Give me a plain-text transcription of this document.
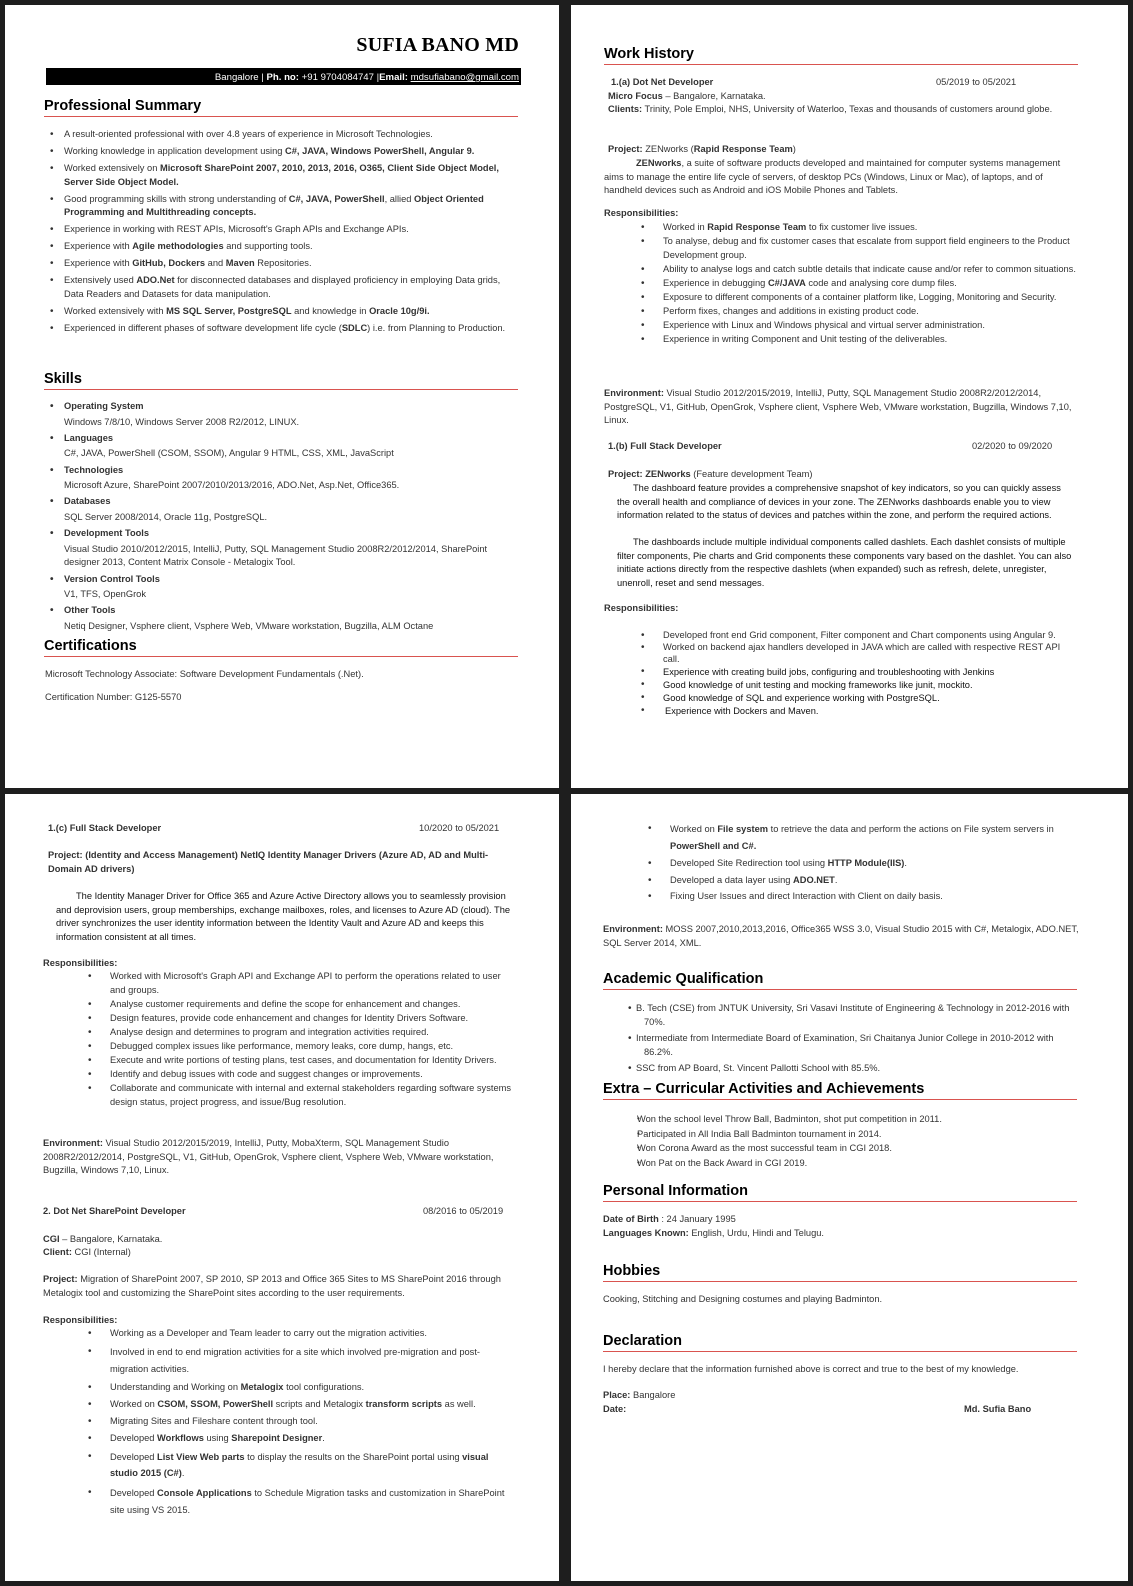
SUFIA BANO MD
Bangalore | Ph. no: +91 9704084747 |Email: mdsufiabano@gmail.com
Professional Summary
• A result-oriented professional with over 4.8 years of experience in Microsoft Technologies.
• Working knowledge in application development using C#, JAVA, Windows PowerShell, Angular 9.
• Worked extensively on Microsoft SharePoint 2007, 2010, 2013, 2016, O365, Client Side Object Model, Server Side Object Model.
• Good programming skills with strong understanding of C#, JAVA, PowerShell, allied Object Oriented Programming and Multithreading concepts.
• Experience in working with REST APIs, Microsoft's Graph APIs and Exchange APIs.
• Experience with Agile methodologies and supporting tools.
• Experience with GitHub, Dockers and Maven Repositories.
• Extensively used ADO.Net for disconnected databases and displayed proficiency in employing Data grids, Data Readers and Datasets for data manipulation.
• Worked extensively with MS SQL Server, PostgreSQL and knowledge in Oracle 10g/9i.
• Experienced in different phases of software development life cycle (SDLC) i.e. from Planning to Production.
Skills
• Operating System
Windows 7/8/10, Windows Server 2008 R2/2012, LINUX.
• Languages
C#, JAVA, PowerShell (CSOM, SSOM), Angular 9 HTML, CSS, XML, JavaScript
• Technologies
Microsoft Azure, SharePoint 2007/2010/2013/2016, ADO.Net, Asp.Net, Office365.
• Databases
SQL Server 2008/2014, Oracle 11g, PostgreSQL.
• Development Tools
Visual Studio 2010/2012/2015, IntelliJ, Putty, SQL Management Studio 2008R2/2012/2014, SharePoint designer 2013, Content Matrix Console - Metalogix Tool.
• Version Control Tools
V1, TFS, OpenGrok
• Other Tools
Netiq Designer, Vsphere client, Vsphere Web, VMware workstation, Bugzilla, ALM Octane
Certifications
Microsoft Technology Associate: Software Development Fundamentals (.Net).
Certification Number: G125-5570
Work History
1.(a) Dot Net Developer	05/2019 to 05/2021
Micro Focus – Bangalore, Karnataka.
Clients: Trinity, Pole Emploi, NHS, University of Waterloo, Texas and thousands of customers around globe.
Project: ZENworks (Rapid Response Team)
ZENworks, a suite of software products developed and maintained for computer systems management aims to manage the entire life cycle of servers, of desktop PCs (Windows, Linux or Mac), of laptops, and of handheld devices such as Android and iOS Mobile Phones and Tablets.
Responsibilities:
• Worked in Rapid Response Team to fix customer live issues.
• To analyse, debug and fix customer cases that escalate from support field engineers to the Product Development group.
• Ability to analyse logs and catch subtle details that indicate cause and/or refer to common situations.
• Experience in debugging C#/JAVA code and analysing core dump files.
• Exposure to different components of a container platform like, Logging, Monitoring and Security.
• Perform fixes, changes and additions in existing product code.
• Experience with Linux and Windows physical and virtual server administration.
• Experience in writing Component and Unit testing of the deliverables.
Environment: Visual Studio 2012/2015/2019, IntelliJ, Putty, SQL Management Studio 2008R2/2012/2014, PostgreSQL, V1, GitHub, OpenGrok, Vsphere client, Vsphere Web, VMware workstation, Bugzilla, Windows 7,10, Linux.
1.(b) Full Stack Developer	02/2020 to 09/2020
Project: ZENworks (Feature development Team)
The dashboard feature provides a comprehensive snapshot of key indicators, so you can quickly assess the overall health and compliance of devices in your zone. The ZENworks dashboards enable you to view information related to the status of devices and patches within the zone, and perform the required actions.
The dashboards include multiple individual components called dashlets. Each dashlet consists of multiple filter components, Pie charts and Grid components these components vary based on the dashlet. You can also initiate actions directly from the respective dashlets (when expanded) such as refresh, delete, unregister, unenroll, reset and send messages.
Responsibilities:
• Developed front end Grid component, Filter component and Chart components using Angular 9.
• Worked on backend ajax handlers developed in JAVA which are called with respective REST API call.
• Experience with creating build jobs, configuring and troubleshooting with Jenkins
• Good knowledge of unit testing and mocking frameworks like junit, mockito.
• Good knowledge of SQL and experience working with PostgreSQL.
• Experience with Dockers and Maven.
1.(c) Full Stack Developer	10/2020 to 05/2021
Project: (Identity and Access Management) NetIQ Identity Manager Drivers (Azure AD, AD and Multi-Domain AD drivers)
The Identity Manager Driver for Office 365 and Azure Active Directory allows you to seamlessly provision and deprovision users, group memberships, exchange mailboxes, roles, and licenses to Azure AD (cloud). The driver synchronizes the user identity information between the Identity Vault and Azure AD and keeps this information consistent at all times.
Responsibilities:
• Worked with Microsoft's Graph API and Exchange API to perform the operations related to user and groups.
• Analyse customer requirements and define the scope for enhancement and changes.
• Design features, provide code enhancement and changes for Identity Drivers Software.
• Analyse design and determines to program and integration activities required.
• Debugged complex issues like performance, memory leaks, core dump, hangs, etc.
• Execute and write portions of testing plans, test cases, and documentation for Identity Drivers.
• Identify and debug issues with code and suggest changes or improvements.
• Collaborate and communicate with internal and external stakeholders regarding software systems design status, project progress, and issue/Bug resolution.
Environment: Visual Studio 2012/2015/2019, IntelliJ, Putty, MobaXterm, SQL Management Studio 2008R2/2012/2014, PostgreSQL, V1, GitHub, OpenGrok, Vsphere client, Vsphere Web, VMware workstation, Bugzilla, Windows 7,10, Linux.
2. Dot Net SharePoint Developer	08/2016 to 05/2019
CGI – Bangalore, Karnataka.
Client: CGI (Internal)
Project: Migration of SharePoint 2007, SP 2010, SP 2013 and Office 365 Sites to MS SharePoint 2016 through Metalogix tool and customizing the SharePoint sites according to the user requirements.
Responsibilities:
• Working as a Developer and Team leader to carry out the migration activities.
• Involved in end to end migration activities for a site which involved pre-migration and post-migration activities.
• Understanding and Working on Metalogix tool configurations.
• Worked on CSOM, SSOM, PowerShell scripts and Metalogix transform scripts as well.
• Migrating Sites and Fileshare content through tool.
• Developed Workflows using Sharepoint Designer.
• Developed List View Web parts to display the results on the SharePoint portal using visual studio 2015 (C#).
• Developed Console Applications to Schedule Migration tasks and customization in SharePoint site using VS 2015.
• Worked on File system to retrieve the data and perform the actions on File system servers in PowerShell and C#.
• Developed Site Redirection tool using HTTP Module(IIS).
• Developed a data layer using ADO.NET.
• Fixing User Issues and direct Interaction with Client on daily basis.
Environment: MOSS 2007,2010,2013,2016, Office365 WSS 3.0, Visual Studio 2015 with C#, Metalogix, ADO.NET, SQL Server 2014, XML.
Academic Qualification
• B. Tech (CSE) from JNTUK University, Sri Vasavi Institute of Engineering & Technology in 2012-2016 with 70%.
• Intermediate from Intermediate Board of Examination, Sri Chaitanya Junior College in 2010-2012 with 86.2%.
• SSC from AP Board, St. Vincent Pallotti School with 85.5%.
Extra – Curricular Activities and Achievements
• Won the school level Throw Ball, Badminton, shot put competition in 2011.
• Participated in All India Ball Badminton tournament in 2014.
• Won Corona Award as the most successful team in CGI 2018.
• Won Pat on the Back Award in CGI 2019.
Personal Information
Date of Birth : 24 January 1995
Languages Known: English, Urdu, Hindi and Telugu.
Hobbies
Cooking, Stitching and Designing costumes and playing Badminton.
Declaration
I hereby declare that the information furnished above is correct and true to the best of my knowledge.
Place: Bangalore
Date:	Md. Sufia Bano
